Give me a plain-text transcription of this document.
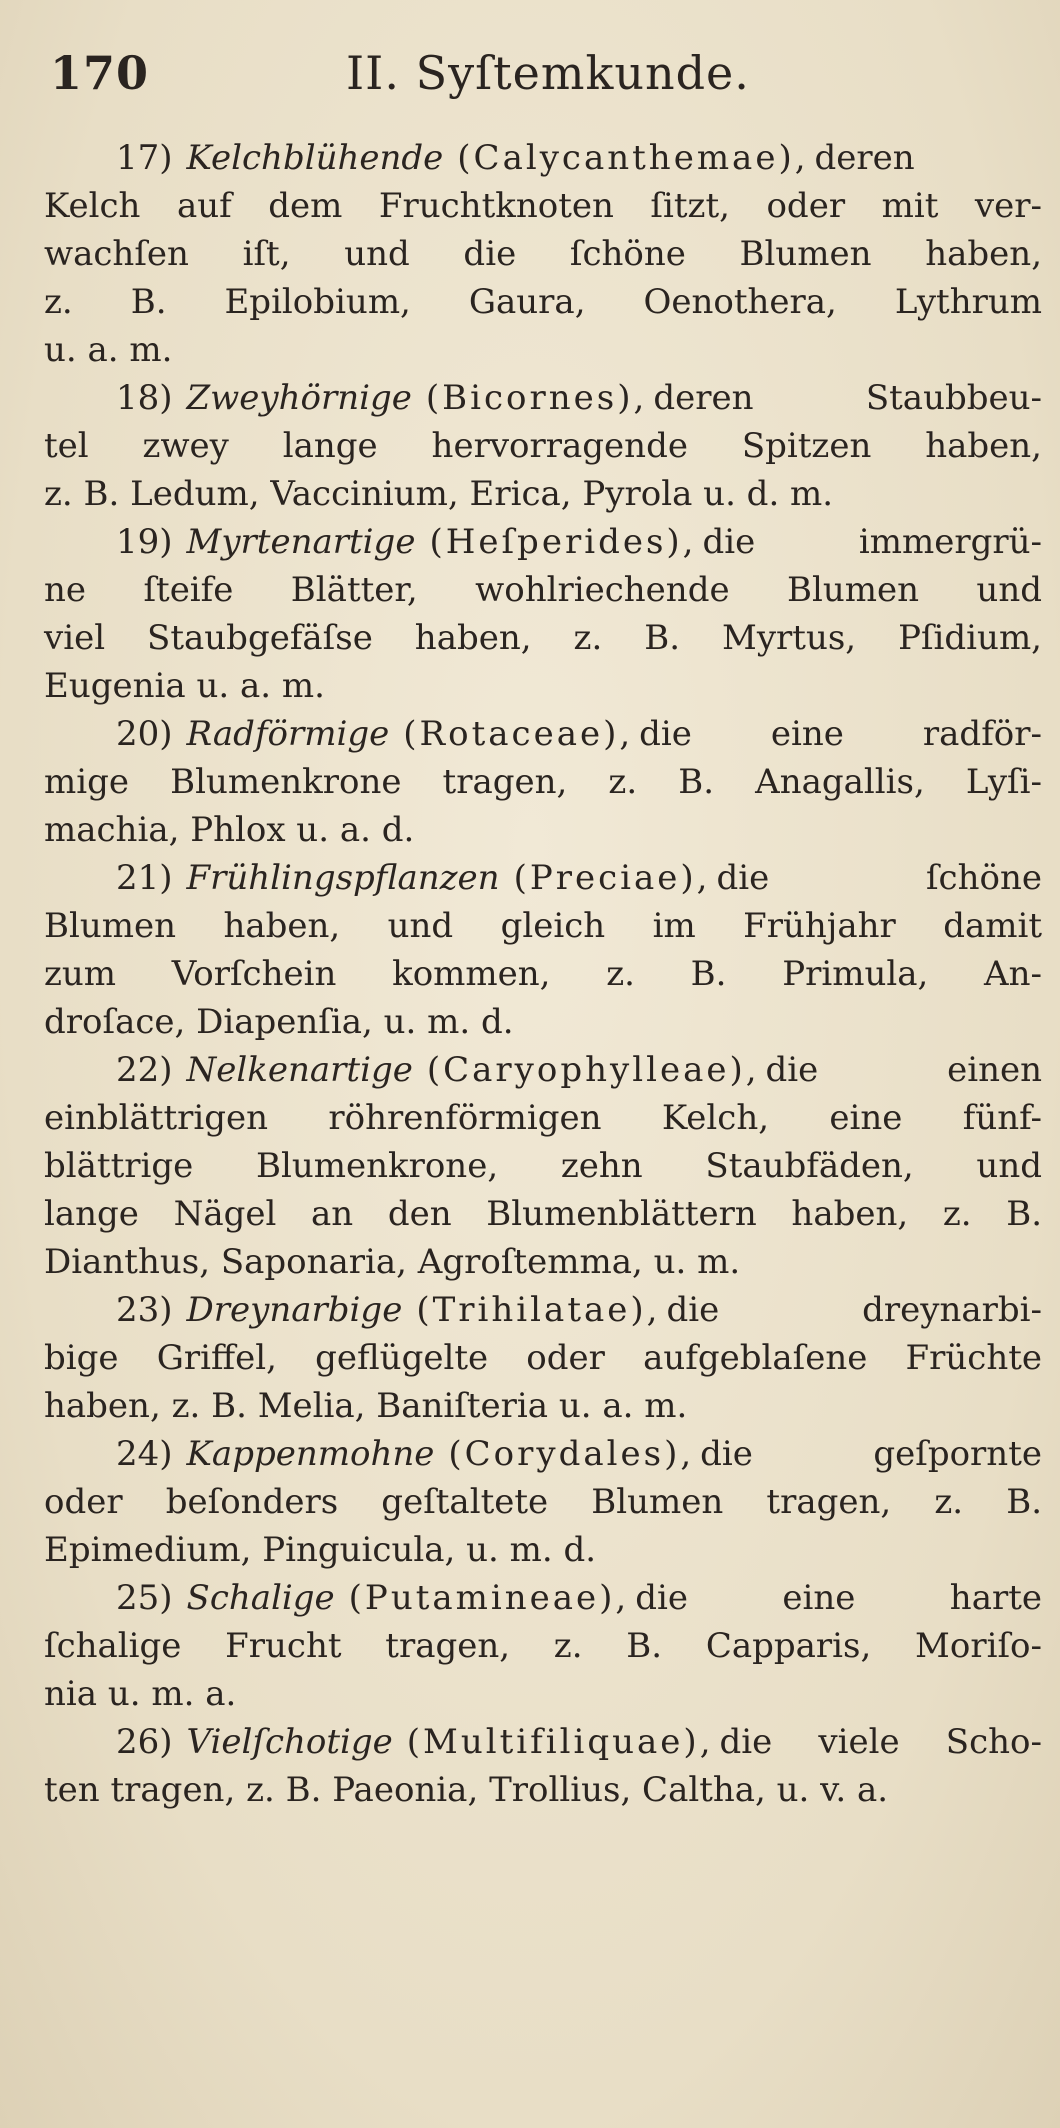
170	II. Syſtemkunde.

17) Kelchblühende (Calycanthemae), deren
Kelch auf dem Fruchtknoten ſitzt, oder mit ver-
wachſen iſt, und die ſchöne Blumen haben,
z. B. Epilobium, Gaura, Oenothera, Lythrum
u. a. m.

18) Zweyhörnige (Bicornes), deren Staubbeu-
tel zwey lange hervorragende Spitzen haben,
z. B. Ledum, Vaccinium, Erica, Pyrola u. d. m.

19) Myrtenartige (Heſperides), die immergrü-
ne ſteife Blätter, wohlriechende Blumen und
viel Staubgefäſse haben, z. B. Myrtus, Pſidium,
Eugenia u. a. m.

20) Radförmige (Rotaceae), die eine radför-
mige Blumenkrone tragen, z. B. Anagallis, Lyſi-
machia, Phlox u. a. d.

21) Frühlingspflanzen (Preciae), die ſchöne
Blumen haben, und gleich im Frühjahr damit
zum Vorſchein kommen, z. B. Primula, An-
droſace, Diapenſia, u. m. d.

22) Nelkenartige (Caryophylleae), die einen
einblättrigen röhrenförmigen Kelch, eine fünf-
blättrige Blumenkrone, zehn Staubfäden, und
lange Nägel an den Blumenblättern haben, z. B.
Dianthus, Saponaria, Agroſtemma, u. m.

23) Dreynarbige (Trihilatae), die dreynarbi-
bige Griffel, geflügelte oder aufgeblaſene Früchte
haben, z. B. Melia, Baniſteria u. a. m.

24) Kappenmohne (Corydales), die geſpornte
oder beſonders geſtaltete Blumen tragen, z. B.
Epimedium, Pinguicula, u. m. d.

25) Schalige (Putamineae), die eine harte
ſchalige Frucht tragen, z. B. Capparis, Moriſo-
nia u. m. a.

26) Vielſchotige (Multifiliquae), die viele Scho-
ten tragen, z. B. Paeonia, Trollius, Caltha, u. v. a.
